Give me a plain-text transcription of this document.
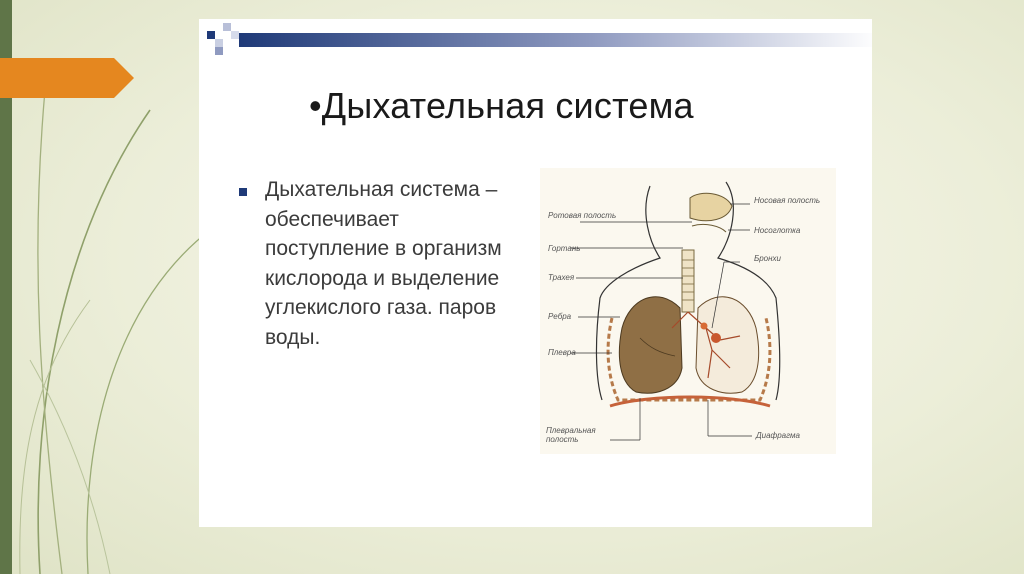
•Дыхательная система
Дыхательная система – обеспечивает поступление в организм кислорода и выделение углекислого газа. паров воды.
Ротовая полость
Гортань
Трахея
Ребра
Плевра
Плевральная полость
Носовая полость
Носоглотка
Бронхи
Диафрагма
